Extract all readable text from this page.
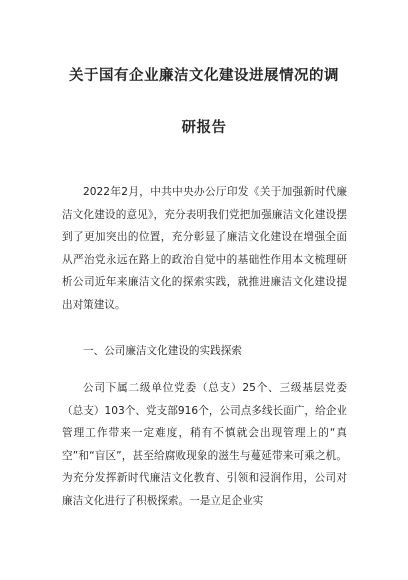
关于国有企业廉洁文化建设进展情况的调
研报告
2022年2月，中共中央办公厅印发《关于加强新时代廉洁文化建设的意见》，充分表明我们党把加强廉洁文化建设摆到了更加突出的位置，充分彰显了廉洁文化建设在增强全面从严治党永远在路上的政治自觉中的基础性作用本文梳理研析公司近年来廉洁文化的探索实践，就推进廉洁文化建设提出对策建议。
一、公司廉洁文化建设的实践探索
公司下属二级单位党委（总支）25个、三级基层党委（总支）103个、党支部916个，公司点多线长面广，给企业管理工作带来一定难度，稍有不慎就会出现管理上的“真空”和“盲区”，甚至给腐败现象的滋生与蔓延带来可乘之机。为充分发挥新时代廉洁文化教育、引领和浸润作用，公司对廉洁文化进行了积极探索。一是立足企业实
